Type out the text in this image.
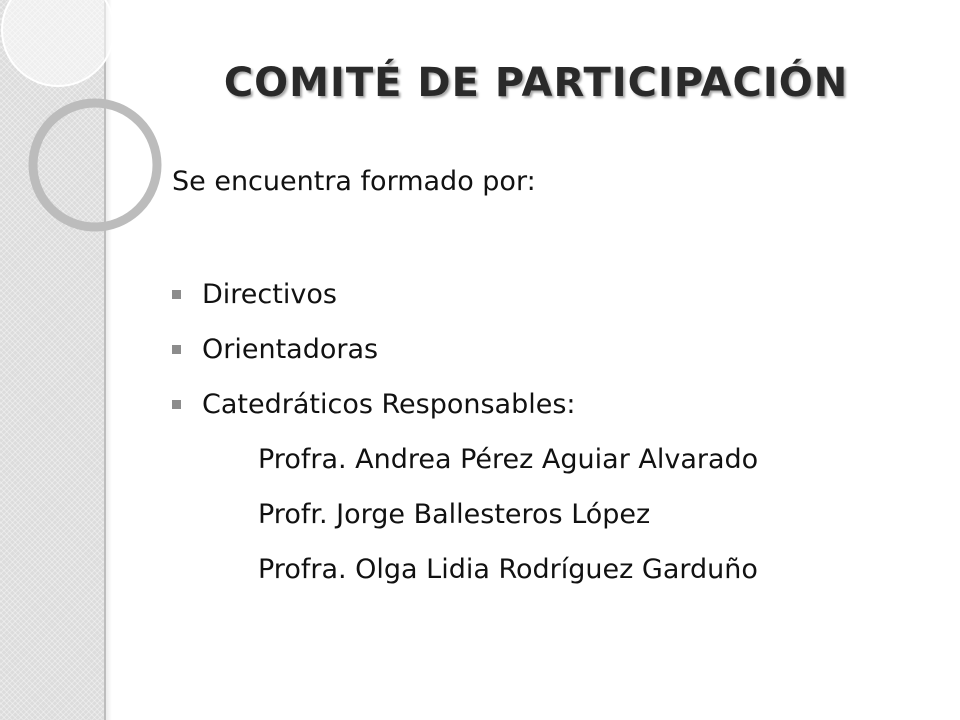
COMITÉ DE PARTICIPACIÓN
Se encuentra formado por:
Directivos
Orientadoras
Catedráticos Responsables:
Profra. Andrea Pérez Aguiar Alvarado
Profr. Jorge Ballesteros López
Profra. Olga Lidia Rodríguez Garduño
